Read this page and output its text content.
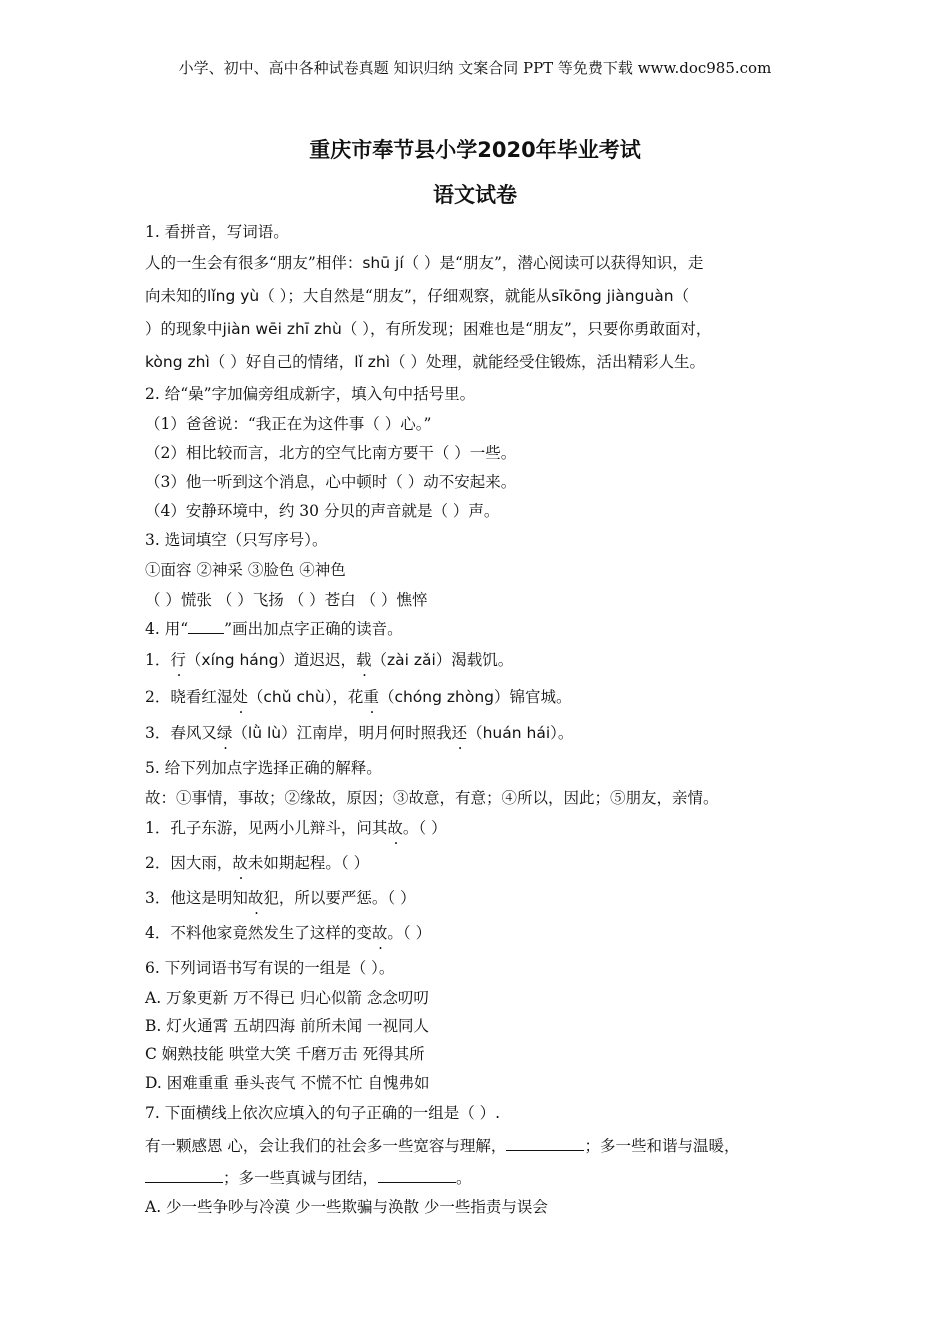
小学、初中、高中各种试卷真题 知识归纳 文案合同 PPT 等免费下载 www.doc985.com
重庆市奉节县小学2020年毕业考试
语文试卷
1. 看拼音，写词语。
人的一生会有很多“朋友”相伴：shū jí（ ）是“朋友”，潜心阅读可以获得知识，走
向未知的lǐng yù（ ）；大自然是“朋友”，仔细观察，就能从sīkōng jiànguàn（
）的现象中jiàn wēi zhī zhù（ ），有所发现；困难也是“朋友”，只要你勇敢面对，
kòng zhì（ ）好自己的情绪，lǐ zhì（ ）处理，就能经受住锻炼，活出精彩人生。
2. 给“喿”字加偏旁组成新字，填入句中括号里。
（1）爸爸说：“我正在为这件事（ ）心。”
（2）相比较而言，北方的空气比南方要干（ ）一些。
（3）他一听到这个消息，心中顿时（ ）动不安起来。
（4）安静环境中，约 30 分贝的声音就是（ ）声。
3. 选词填空（只写序号）。
①面容 ②神采 ③脸色 ④神色
（ ）慌张 （ ）飞扬 （ ）苍白 （ ）憔悴
4. 用“ ”画出加点字正确的读音。
1．行（xíng háng）道迟迟，载（zài zǎi）渴载饥。
2．晓看红湿处（chǔ chù），花重（chóng zhòng）锦官城。
3．春风又绿（lǜ lù）江南岸，明月何时照我还（huán hái）。
5. 给下列加点字选择正确的解释。
故：①事情，事故；②缘故，原因；③故意，有意；④所以，因此；⑤朋友，亲情。
1．孔子东游，见两小儿辩斗，问其故。（ ）
2．因大雨，故未如期起程。（ ）
3．他这是明知故犯，所以要严惩。（ ）
4．不料他家竟然发生了这样的变故。（ ）
6. 下列词语书写有误的一组是（ ）。
A. 万象更新 万不得已 归心似箭 念念叨叨
B. 灯火通霄 五胡四海 前所未闻 一视同人
C 娴熟技能 哄堂大笑 千磨万击 死得其所
D. 困难重重 垂头丧气 不慌不忙 自愧弗如
7. 下面横线上依次应填入的句子正确的一组是（ ）.
有一颗感恩 心，会让我们的社会多一些宽容与理解，	；多一些和谐与温暖，
；多一些真诚与团结，	。
A. 少一些争吵与冷漠 少一些欺骗与涣散 少一些指责与误会
